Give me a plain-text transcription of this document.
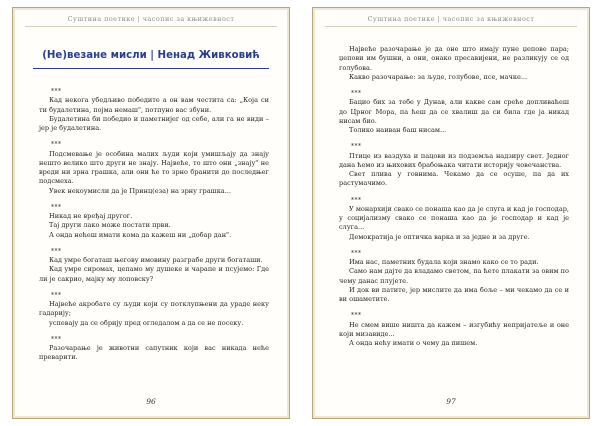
Суштина поетике | часопис за књижевност
(Не)везане мисли | Ненад Живковић

***

Кад некога убедљиво победите а он вам честита са: „Која си ти будалетина, појма немаш", потпуно вас збуни.

Будалетина би победио и паметнијег од себе, али га не види – јер је будалетина.

***

Подсмевање је особина малих људи који умишљају да знају нешто велико што други не знају. Највеће, то што они „знају" не вреди ни зрна грашка, али они ће то зрно бранити до последњег подсмеха.

Увек некоумисли да је Принц(еза) на зрну грашка...

***

Никад не вређај другог.

Тај други лако може постати први.

А онда нећеш имати кома да кажеш ни „добар дан".

***

Кад умре богаташ његову имовину разграбе други богаташи.

Кад умре сиромах, цепамо му душеке и чарапе и псујемо: Где ли је сакрио, мајку му лоповску?

***

Највеће акробате су људи који су потклупњени да ураде неку гадарију;

успевају да се обрију пред огледалом а да се не посеку.

***

Разочарање је животни сапутник који вас никада неће преварити.

96
Суштина поетике | часопис за књижевност

Највеће разочарање је да оне што имају пуне џепове пара; џепови им бушни, а они, онако пресавијени, не разликују се од голубова.

Какво разочарање: за људе, голубове, псе, мачке...

***

Бацио бих за тебе у Дунав, али какве сам среће допливаћеш до Црног Мора, па ћеш да се хвалиш да си била где ја никад нисам био.

Толико наиван баш нисам...

***

Птице из ваздуха и пацови из подземља надзиру свет. Једног дана ћемо из њихових брабоњака читати историју човечанства.

Свет плива у говнима. Чекамо да се осуше, па да их растумачимо.

***

У монархији свако се понаша као да је слуга и кад је господар, у социјализму свако се понаша као да је господар и кад је слуга...

Демократија је оптичка варка и за једне и за друге.

***

Има нас, паметних будала који знамо како се то ради.

Само нам дајте да владамо светом, па ћете плакати за овим по чему данас плујете.

И док ви патите, јер мислите да има боље – ми чекамо да се и ви ошаметите.

***

Не смем више ништа да кажем – изгубићу непријатеље и оне који мизавиде...

А онда нећу имати о чему да пишем.

97
